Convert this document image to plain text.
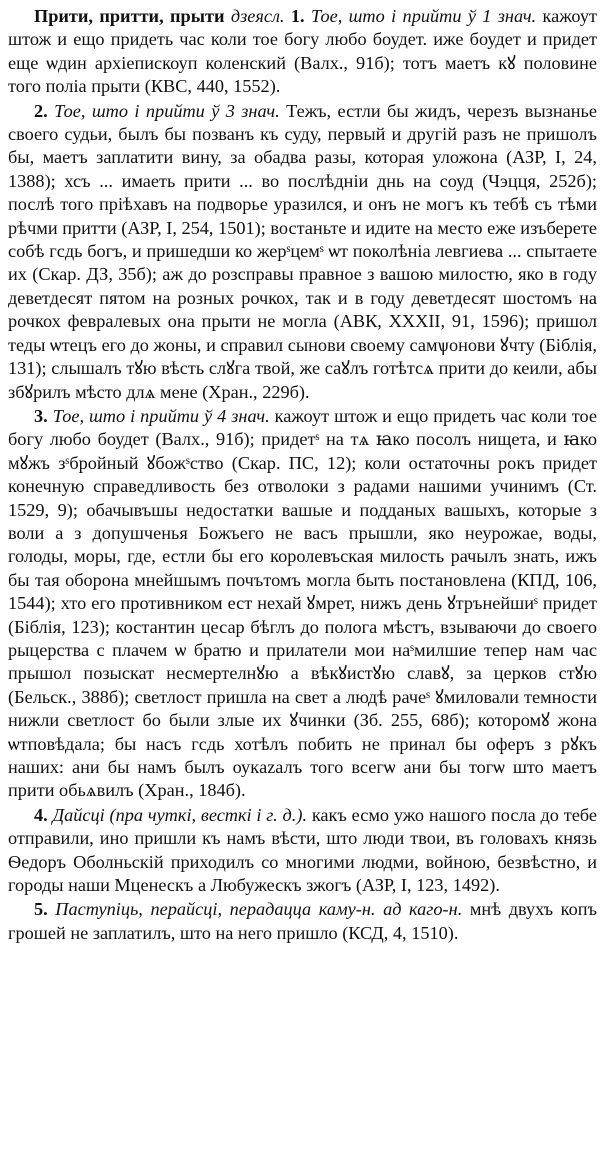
Прити, притти, прыти дзеясл. 1. Тое, што і прийти ў 1 знач. кажоут штож и ещо придеть час коли тое богу любо боудет. иже боудет и придет еще ѡдин архіепискоуп коленский (Валх., 91б); тотъ маетъ кꙋ половине того поліа прыти (КВС, 440, 1552).

2. Тое, што і прийти ў 3 знач. Тежъ, естли бы жидъ, черезъ вызнанье своего судьи, былъ бы позванъ къ суду, первый и другій разъ не пришолъ бы, маетъ заплатити вину, за обадва разы, которая уложона (АЗР, I, 24, 1388); хсъ ... имаеть прити ... во послѣдніи днь на соуд (Чэцця, 252б); послѣ того пріѣхавъ на подворье уразился, и онъ не могъ къ тебѣ съ тѣми рѣчми притти (АЗР, I, 254, 1501); востаньте и идите на место еже изъберете собѣ гсдь богъ, и пришедши ко жерˢцемˢ ѡт поколѣніа левгиева ... спытаете их (Скар. ДЗ, 35б); аж до розсправы правное з вашою милостю, яко в году деветдесят пятом на розных рочкох, так и в году деветдесят шостомъ на рочкох февралевых она прыти не могла (АВК, XXXII, 91, 1596); пришол теды ѡтецъ его до жоны, и справил сынови своему самѱонови ꙋчту (Біблія, 131); слышалъ тꙋю вѣсть слꙋга твой, же саꙋлъ готѣтсѧ прити до кеили, абы збꙋрилъ мѣсто длѧ мене (Хран., 229б).

3. Тое, што і прийти ў 4 знач. кажоут штож и ещо придеть час коли тое богу любо боудет (Валх., 91б); придетˢ на тѧ ꙗко посолъ нищета, и ꙗко мꙋжъ зˢбройный ꙋбожˢство (Скар. ПС, 12); коли остаточны рокъ придет конечную справедливость без отволоки з радами нашими учинимъ (Ст. 1529, 9); обачывъшы недостатки вашые и подданых вашыхъ, которые з воли а з допушченья Божъего не васъ прышли, яко неурожае, воды, голоды, моры, где, естли бы его королевъская милость рачылъ знать, ижъ бы тая оборона мнейшымъ почътомъ могла быть постановлена (КПД, 106, 1544); хто его противником ест нехай ꙋмрет, нижъ день ꙋтрънейшиˢ придет (Біблія, 123); костантин цесар бѣглъ до полога мѣстъ, взываючи до своего рыцерства с плачем ѡ братю и прилатели мои наˢмилшие тепер нам час прышол позыскат несмертелнꙋю а вѣкꙋистꙋю славꙋ, за церков стꙋю (Бельск., 388б); светлост пришла на свет а людѣ рачеˢ ꙋмиловали темности нижли светлост бо были злые их ꙋчинки (Зб. 255, 68б); которомꙋ жона ѡтповѣдала; бы насъ гсдь хотѣлъ побить не принал бы оферъ з рꙋкъ наших: ани бы намъ былъ оукazалъ того всегѡ ани бы тогѡ што маетъ прити обьѧвилъ (Хран., 184б).

4. Дайсці (пра чуткі, весткі і г. д.). какъ есмо ужо нашого посла до тебе отправили, ино пришли къ намъ вѣсти, што люди твои, въ головахъ князь Ѳедоръ Оболньскій приходилъ со многими людми, войною, безвѣстно, и городы наши Мценескъ а Любужескъ зжогъ (АЗР, I, 123, 1492).

5. Паступіць, перайсці, перадацца каму-н. ад каго-н. мнѣ двухъ копъ грошей не заплатилъ, што на него пришло (КСД, 4, 1510).
